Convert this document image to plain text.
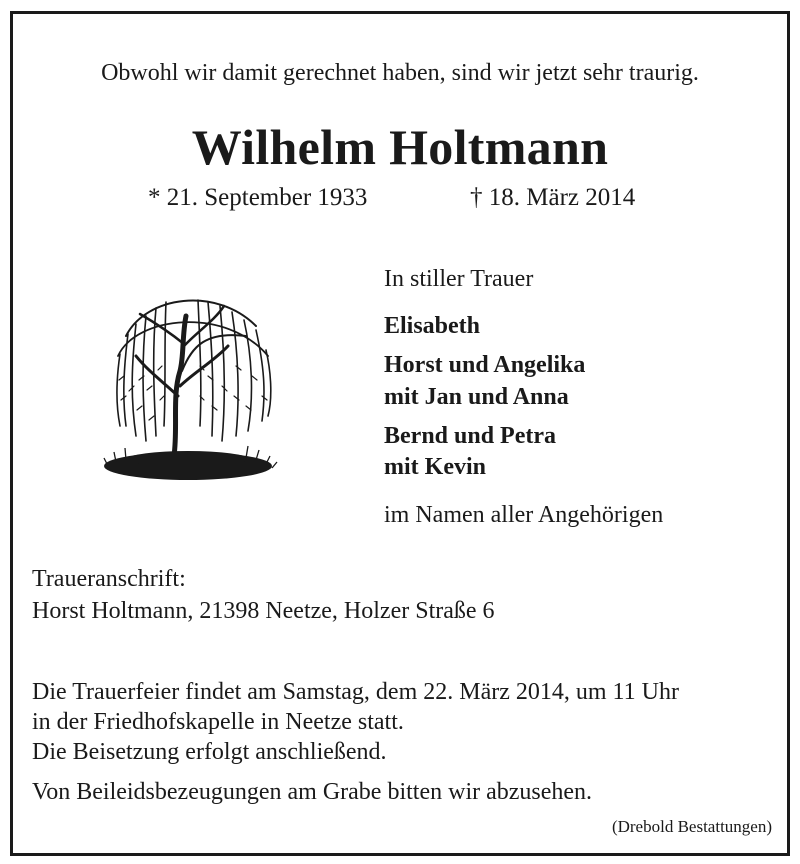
Obwohl wir damit gerechnet haben, sind wir jetzt sehr traurig.
Wilhelm Holtmann
* 21. September 1933	† 18. März 2014
In stiller Trauer
Elisabeth
Horst und Angelika
mit Jan und Anna
Bernd und Petra
mit Kevin
im Namen aller Angehörigen
Traueranschrift:
Horst Holtmann, 21398 Neetze, Holzer Straße 6
Die Trauerfeier findet am Samstag, dem 22. März 2014, um 11 Uhr
in der Friedhofskapelle in Neetze statt.
Die Beisetzung erfolgt anschließend.
Von Beileidsbezeugungen am Grabe bitten wir abzusehen.
(Drebold Bestattungen)
